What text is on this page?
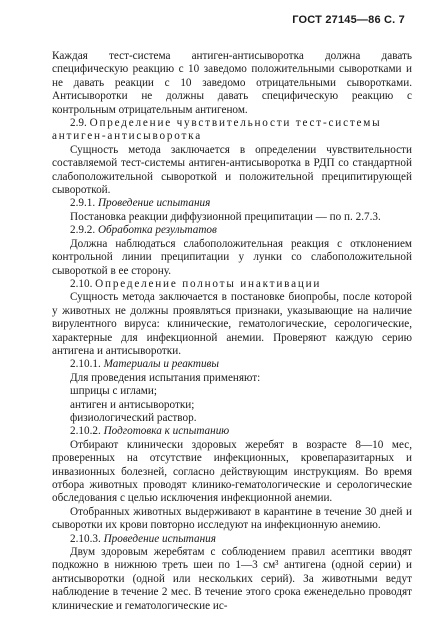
ГОСТ 27145—86 С. 7

Каждая тест-система антиген-антисыворотка должна давать специфическую реакцию с 10 заведомо положительными сыворотками и не давать реакции с 10 заведомо отрицательными сыворотками. Антисыворотки не должны давать специфическую реакцию с контрольным отрицательным антигеном.

2.9. Определение чувствительности тест-системы антиген-антисыворотка

Сущность метода заключается в определении чувствительности составляемой тест-системы антиген-антисыворотка в РДП со стандартной слабоположительной сывороткой и положительной преципитирующей сывороткой.

2.9.1. Проведение испытания

Постановка реакции диффузионной преципитации — по п. 2.7.3.

2.9.2. Обработка результатов

Должна наблюдаться слабоположительная реакция с отклонением контрольной линии преципитации у лунки со слабоположительной сывороткой в ее сторону.

2.10. Определение полноты инактивации

Сущность метода заключается в постановке биопробы, после которой у животных не должны проявляться признаки, указывающие на наличие вирулентного вируса: клинические, гематологические, серологические, характерные для инфекционной анемии. Проверяют каждую серию антигена и антисыворотки.

2.10.1. Материалы и реактивы

Для проведения испытания применяют:

шприцы с иглами;

антиген и антисыворотки;

физиологический раствор.

2.10.2. Подготовка к испытанию

Отбирают клинически здоровых жеребят в возрасте 8—10 мес, проверенных на отсутствие инфекционных, кровепаразитарных и инвазионных болезней, согласно действующим инструкциям. Во время отбора животных проводят клинико-гематологические и серологические обследования с целью исключения инфекционной анемии.

Отобранных животных выдерживают в карантине в течение 30 дней и сыворотки их крови повторно исследуют на инфекционную анемию.

2.10.3. Проведение испытания

Двум здоровым жеребятам с соблюдением правил асептики вводят подкожно в нижнюю треть шеи по 1—3 см³ антигена (одной серии) и антисыворотки (одной или нескольких серий). За животными ведут наблюдение в течение 2 мес. В течение этого срока еженедельно проводят клинические и гематологические ис-
